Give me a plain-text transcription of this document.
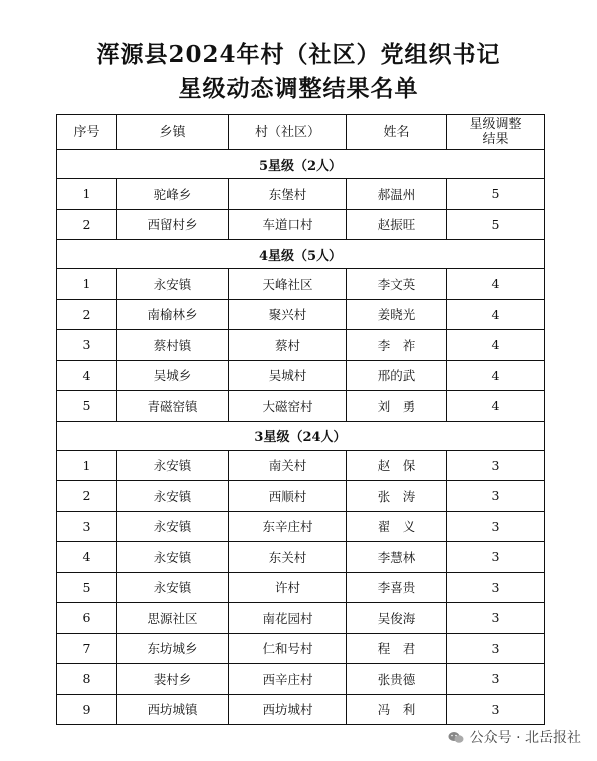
浑源县2024年村（社区）党组织书记
星级动态调整结果名单
序号	乡镇	村（社区）	姓名	星级调整
结果
5星级（2人）				
1	驼峰乡	东堡村	郝温州	5
2	西留村乡	车道口村	赵振旺	5
4星级（5人）				
1	永安镇	天峰社区	李文英	4
2	南榆林乡	聚兴村	姜晓光	4
3	蔡村镇	蔡村	李　祚	4
4	吴城乡	吴城村	邢的武	4
5	青磁窑镇	大磁窑村	刘　勇	4
3星级（24人）				
1	永安镇	南关村	赵　保	3
2	永安镇	西顺村	张　涛	3
3	永安镇	东辛庄村	翟　义	3
4	永安镇	东关村	李慧林	3
5	永安镇	许村	李喜贵	3
6	思源社区	南花园村	吴俊海	3
7	东坊城乡	仁和号村	程　君	3
8	裴村乡	西辛庄村	张贵德	3
9	西坊城镇	西坊城村	冯　利	3
公众号 · 北岳报社
